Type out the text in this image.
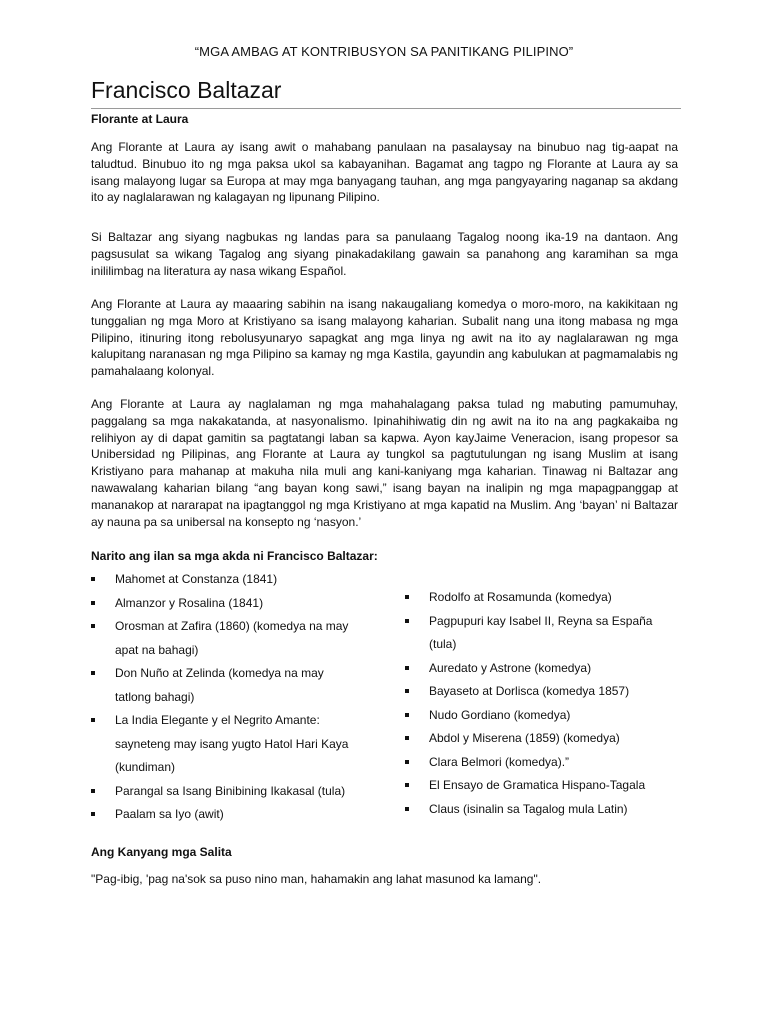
“MGA AMBAG AT KONTRIBUSYON SA PANITIKANG PILIPINO”
Francisco Baltazar
Florante at Laura

Ang Florante at Laura ay isang awit o mahabang panulaan na pasalaysay na binubuo nag tig-aapat na taludtud. Binubuo ito ng mga paksa ukol sa kabayanihan. Bagamat ang tagpo ng Florante at Laura ay sa isang malayong lugar sa Europa at may mga banyagang tauhan, ang mga pangyayaring naganap sa akdang ito ay naglalarawan ng kalagayan ng lipunang Pilipino.

Si Baltazar ang siyang nagbukas ng landas para sa panulaang Tagalog noong ika-19 na dantaon. Ang pagsusulat sa wikang Tagalog ang siyang pinakadakilang gawain sa panahong ang karamihan sa mga inililimbag na literatura ay nasa wikang Español.

Ang Florante at Laura ay maaaring sabihin na isang nakaugaliang komedya o moro-moro, na kakikitaan ng tunggalian ng mga Moro at Kristiyano sa isang malayong kaharian. Subalit nang una itong mabasa ng mga Pilipino, itinuring itong rebolusyunaryo sapagkat ang mga linya ng awit na ito ay naglalarawan ng mga kalupitang naranasan ng mga Pilipino sa kamay ng mga Kastila, gayundin ang kabulukan at pagmamalabis ng pamahalaang kolonyal.

Ang Florante at Laura ay naglalaman ng mga mahahalagang paksa tulad ng mabuting pamumuhay, paggalang sa mga nakakatanda, at nasyonalismo. Ipinahihiwatig din ng awit na ito na ang pagkakaiba ng relihiyon ay di dapat gamitin sa pagtatangi laban sa kapwa. Ayon kayJaime Veneracion, isang propesor sa Unibersidad ng Pilipinas, ang Florante at Laura ay tungkol sa pagtutulungan ng isang Muslim at isang Kristiyano para mahanap at makuha nila muli ang kani-kaniyang mga kaharian. Tinawag ni Baltazar ang nawawalang kaharian bilang “ang bayan kong sawi,” isang bayan na inalipin ng mga mapagpanggap at mananakop at nararapat na ipagtanggol ng mga Kristiyano at mga kapatid na Muslim. Ang ‘bayan’ ni Baltazar ay nauna pa sa unibersal na konsepto ng ‘nasyon.’

Narito ang ilan sa mga akda ni Francisco Baltazar:
Mahomet at Constanza (1841)
Almanzor y Rosalina (1841)
Orosman at Zafira (1860) (komedya na may
apat na bahagi)
Don Nuño at Zelinda (komedya na may
tatlong bahagi)
La India Elegante y el Negrito Amante:
sayneteng may isang yugto Hatol Hari Kaya
(kundiman)
Parangal sa Isang Binibining Ikakasal (tula)
Paalam sa Iyo (awit)
Rodolfo at Rosamunda (komedya)
Pagpupuri kay Isabel II, Reyna sa España
(tula)
Auredato y Astrone (komedya)
Bayaseto at Dorlisca (komedya 1857)
Nudo Gordiano (komedya)
Abdol y Miserena (1859) (komedya)
Clara Belmori (komedya).”
El Ensayo de Gramatica Hispano-Tagala
Claus (isinalin sa Tagalog mula Latin)
Ang Kanyang mga Salita

"Pag-ibig, 'pag na'sok sa puso nino man, hahamakin ang lahat masunod ka lamang".
